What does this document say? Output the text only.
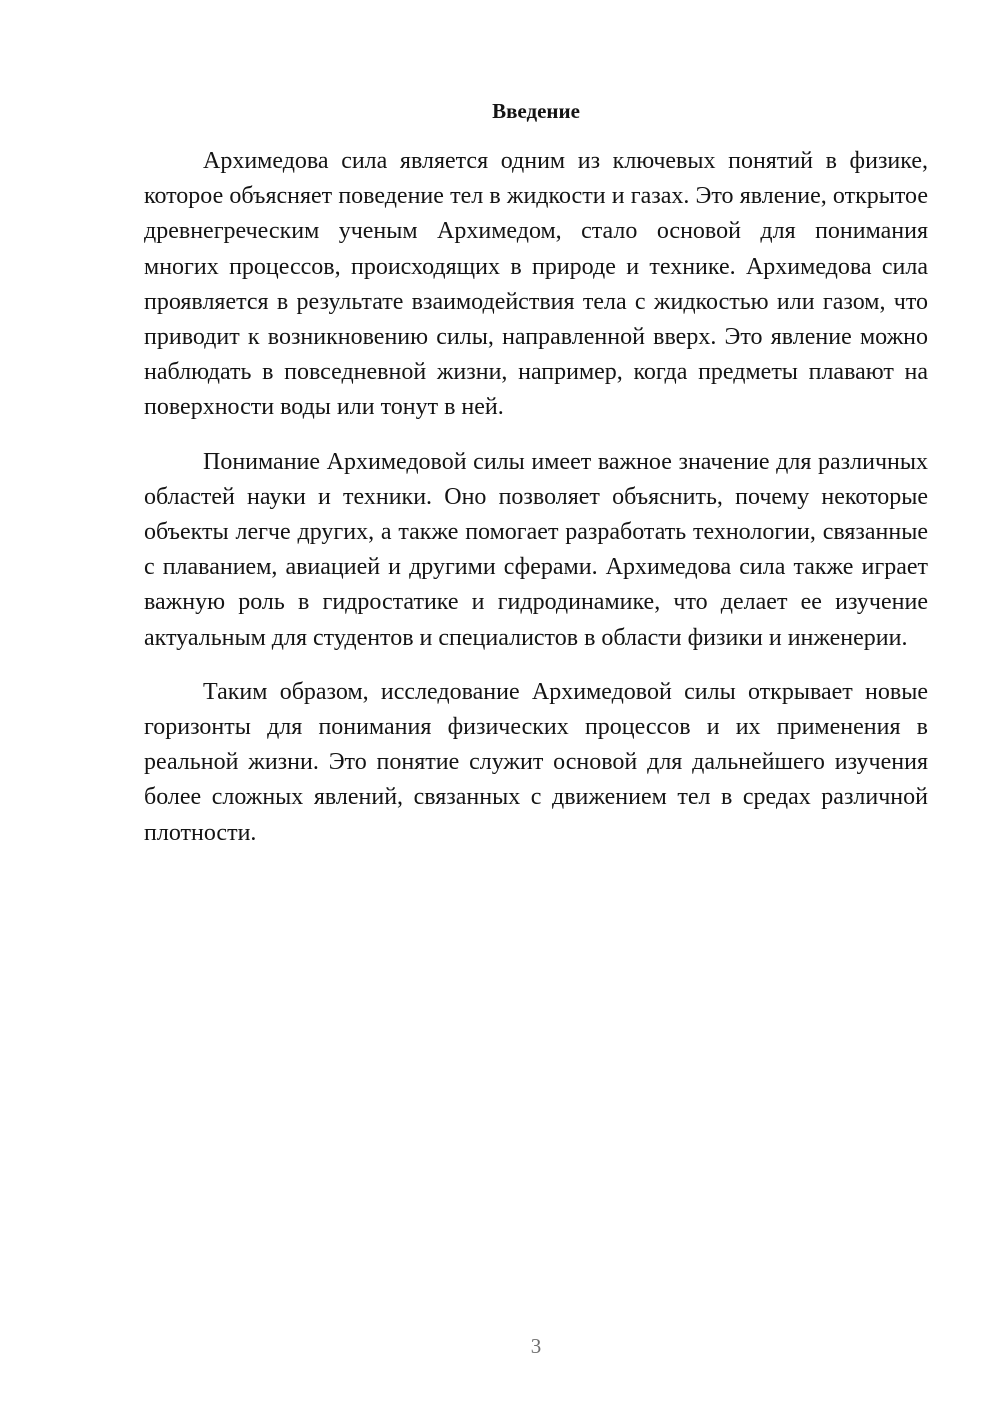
Введение

Архимедова сила является одним из ключевых понятий в физике, которое объясняет поведение тел в жидкости и газах. Это явление, открытое древнегреческим ученым Архимедом, стало основой для понимания многих процессов, происходящих в природе и технике. Архимедова сила проявляется в результате взаимодействия тела с жидкостью или газом, что приводит к возникновению силы, направленной вверх. Это явление можно наблюдать в повседневной жизни, например, когда предметы плавают на поверхности воды или тонут в ней.

Понимание Архимедовой силы имеет важное значение для различных областей науки и техники. Оно позволяет объяснить, почему некоторые объекты легче других, а также помогает разработать технологии, связанные с плаванием, авиацией и другими сферами. Архимедова сила также играет важную роль в гидростатике и гидродинамике, что делает ее изучение актуальным для студентов и специалистов в области физики и инженерии.

Таким образом, исследование Архимедовой силы открывает новые горизонты для понимания физических процессов и их применения в реальной жизни. Это понятие служит основой для дальнейшего изучения более сложных явлений, связанных с движением тел в средах различной плотности.

3
